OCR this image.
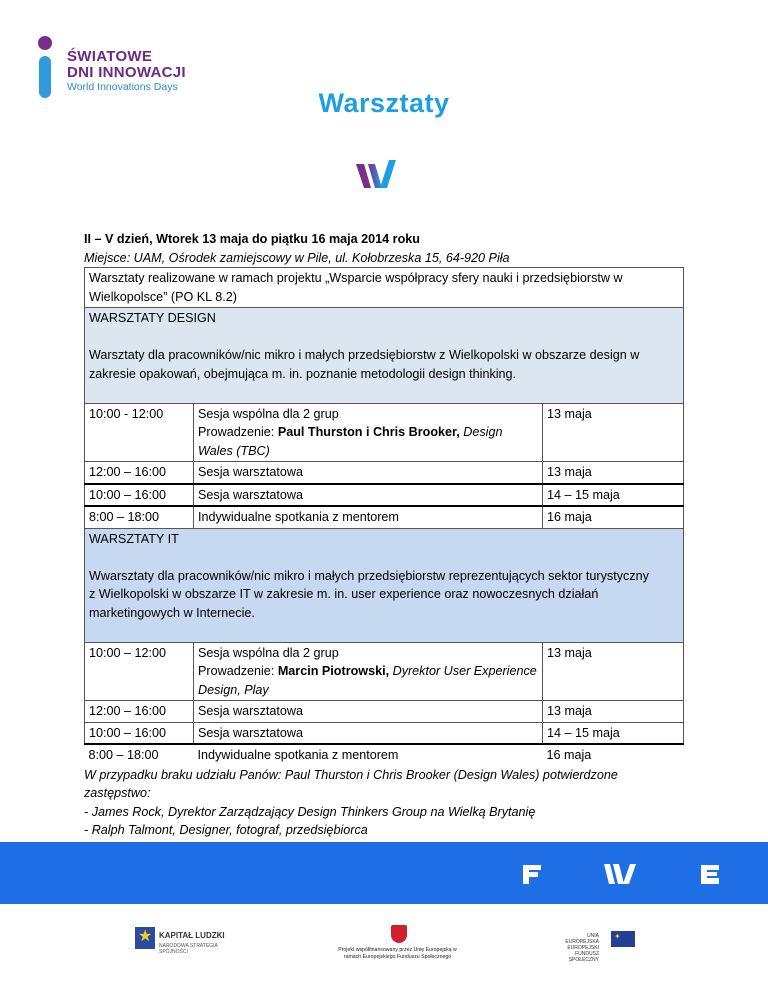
ŚWIATOWE
DNI INNOWACJI
World Innovations Days
Warsztaty
II – V dzień, Wtorek 13 maja do piątku 16 maja 2014 roku
Miejsce: UAM, Ośrodek zamiejscowy w Pile, ul. Kołobrzeska 15, 64-920 Piła
Warsztaty realizowane w ramach projektu „Wsparcie współpracy sfery nauki i przedsiębiorstw w Wielkopolsce” (PO KL 8.2)		

WARSZTATY DESIGN
Warsztaty dla pracowników/nic mikro i małych przedsiębiorstw z Wielkopolski w obszarze design w zakresie opakowań, obejmująca m. in. poznanie metodologii design thinking.		

10:00 - 12:00	Sesja wspólna dla 2 grup
Prowadzenie: Paul Thurston i Chris Brooker, Design Wales (TBC)	13 maja
12:00 – 16:00	Sesja warsztatowa	13 maja
10:00 – 16:00	Sesja warsztatowa	14 – 15 maja
8:00 – 18:00	Indywidualne spotkania z mentorem	16 maja

WARSZTATY IT
Wwarsztaty dla pracowników/nic mikro i małych przedsiębiorstw reprezentujących sektor turystyczny              z Wielkopolski w obszarze IT w zakresie m. in. user experience oraz nowoczesnych działań marketingowych w Internecie.		

10:00 – 12:00	Sesja wspólna dla 2 grup
Prowadzenie: Marcin Piotrowski, Dyrektor User Experience Design, Play	13 maja
12:00 – 16:00	Sesja warsztatowa	13 maja
10:00 – 16:00	Sesja warsztatowa	14 – 15 maja
8:00 – 18:00	Indywidualne spotkania z mentorem	16 maja
W przypadku braku udziału Panów: Paul Thurston i Chris Brooker (Design Wales) potwierdzone zastępstwo:
- James Rock, Dyrektor Zarządzający Design Thinkers Group na Wielką Brytanię
- Ralph Talmont, Designer, fotograf, przedsiębiorca
★ KAPITAŁ LUDZKI
NARODOWA STRATEGIA SPÓJNOŚCI	Projekt współfinansowany przez Unię Europejską w ramach Europejskiego Funduszu Społecznego
UNIA EUROPEJSKA EUROPEJSKI FUNDUSZ SPOŁECZNY
✦
